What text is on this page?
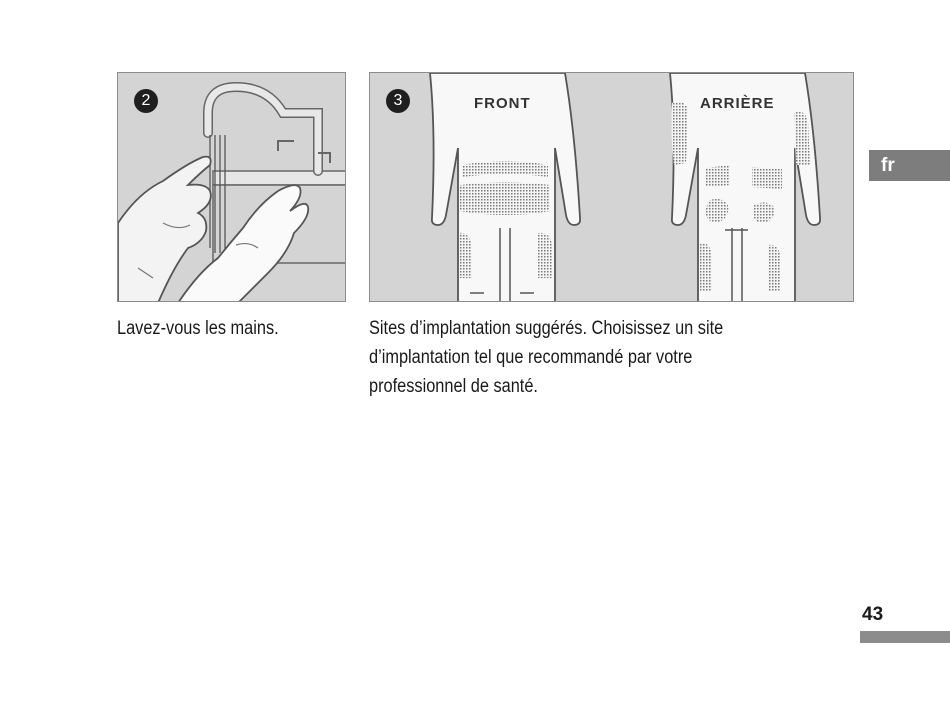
2	3	FRONT	ARRIÈRE
Lavez-vous les mains.	Sites d’implantation suggérés. Choisissez un site
d’implantation tel que recommandé par votre
professionnel de santé.
fr
43
